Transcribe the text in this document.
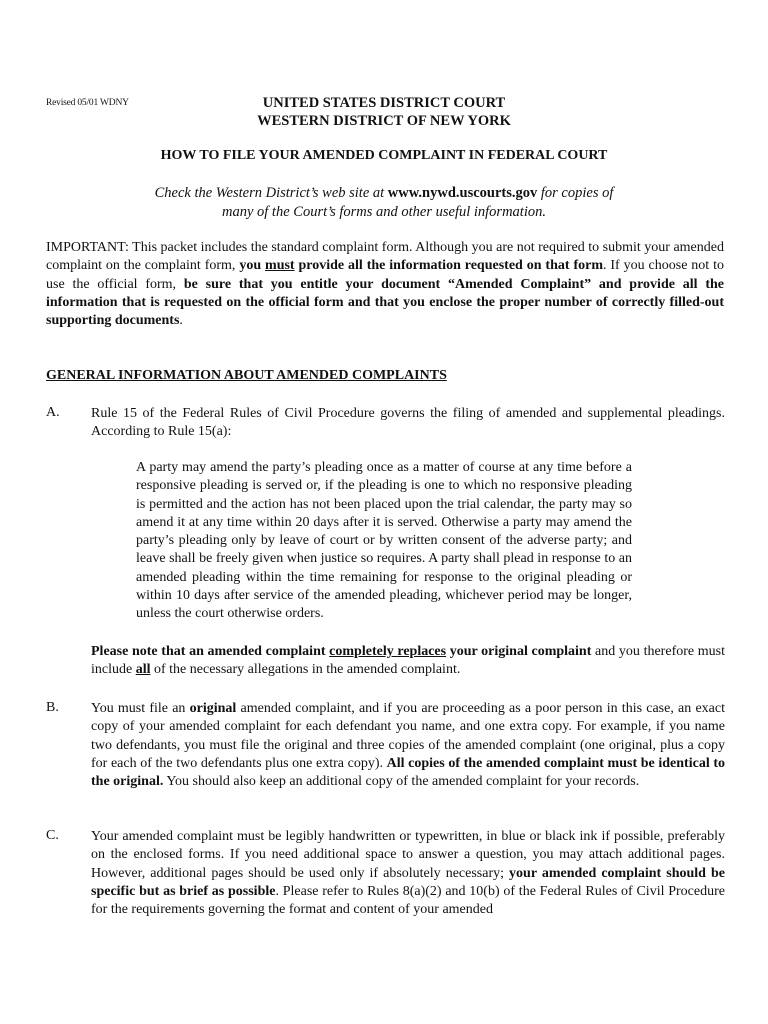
Revised 05/01 WDNY	UNITED STATES DISTRICT COURT
WESTERN DISTRICT OF NEW YORK
HOW TO FILE YOUR AMENDED COMPLAINT IN FEDERAL COURT
Check the Western District’s web site at www.nywd.uscourts.gov for copies of
many of the Court’s forms and other useful information.
IMPORTANT: This packet includes the standard complaint form. Although you are not required to submit your amended complaint on the complaint form, you must provide all the information requested on that form. If you choose not to use the official form, be sure that you entitle your document “Amended Complaint” and provide all the information that is requested on the official form and that you enclose the proper number of correctly filled-out supporting documents.
GENERAL INFORMATION ABOUT AMENDED COMPLAINTS
A. Rule 15 of the Federal Rules of Civil Procedure governs the filing of amended and supplemental pleadings. According to Rule 15(a):
A party may amend the party’s pleading once as a matter of course at any time before a responsive pleading is served or, if the pleading is one to which no responsive pleading is permitted and the action has not been placed upon the trial calendar, the party may so amend it at any time within 20 days after it is served. Otherwise a party may amend the party’s pleading only by leave of court or by written consent of the adverse party; and leave shall be freely given when justice so requires. A party shall plead in response to an amended pleading within the time remaining for response to the original pleading or within 10 days after service of the amended pleading, whichever period may be longer, unless the court otherwise orders.
Please note that an amended complaint completely replaces your original complaint and you therefore must include all of the necessary allegations in the amended complaint.
B. You must file an original amended complaint, and if you are proceeding as a poor person in this case, an exact copy of your amended complaint for each defendant you name, and one extra copy. For example, if you name two defendants, you must file the original and three copies of the amended complaint (one original, plus a copy for each of the two defendants plus one extra copy). All copies of the amended complaint must be identical to the original. You should also keep an additional copy of the amended complaint for your records.
C. Your amended complaint must be legibly handwritten or typewritten, in blue or black ink if possible, preferably on the enclosed forms. If you need additional space to answer a question, you may attach additional pages. However, additional pages should be used only if absolutely necessary; your amended complaint should be specific but as brief as possible. Please refer to Rules 8(a)(2) and 10(b) of the Federal Rules of Civil Procedure for the requirements governing the format and content of your amended
